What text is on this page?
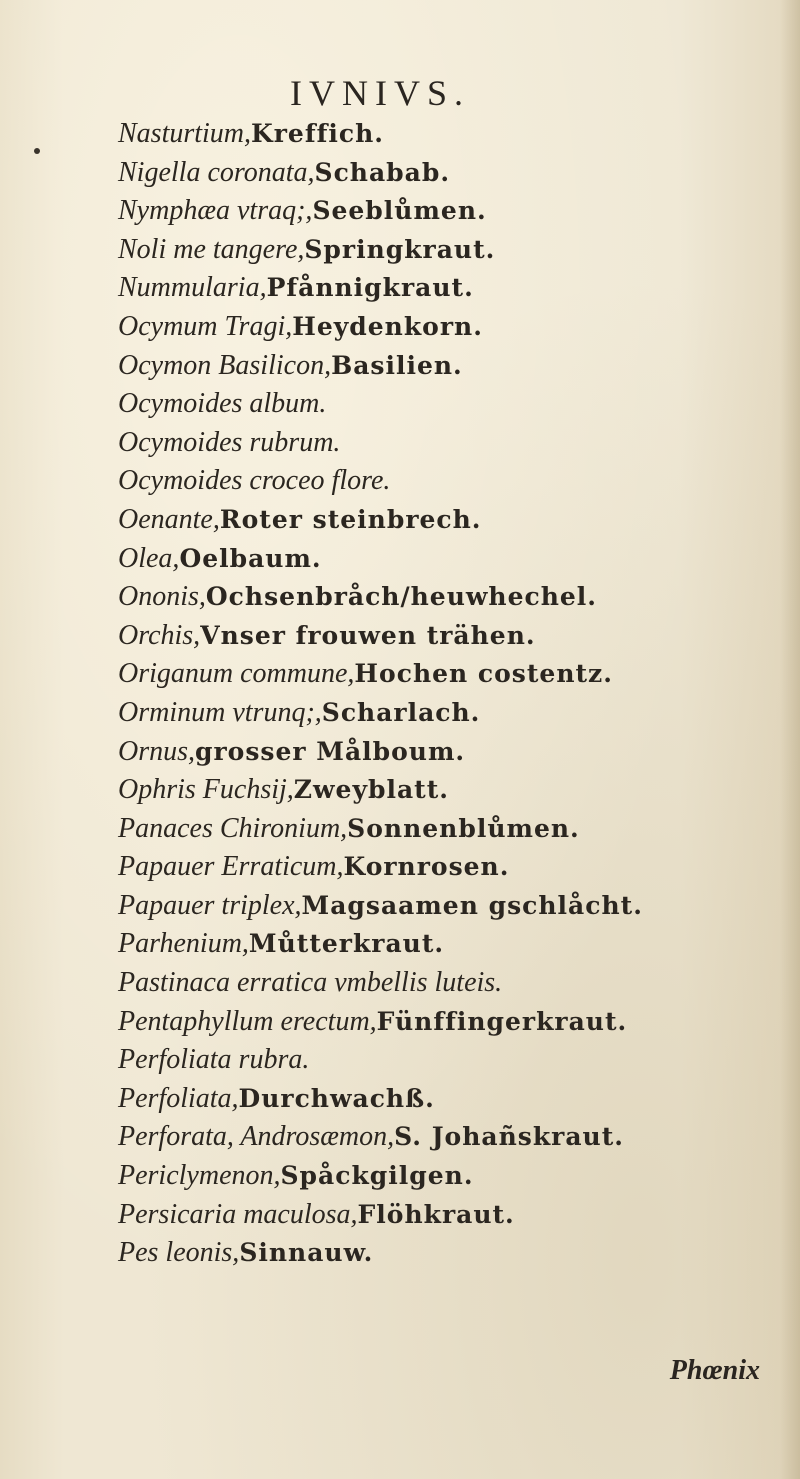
IVNIVS.
Nasturtium, Kreffich.
Nigella coronata, Schabab.
Nymphæa vtraq;, Seeblůmen.
Noli me tangere, Springkraut.
Nummularia, Pfånnigkraut.
Ocymum Tragi, Heydenkorn.
Ocymon Basilicon, Basilien.
Ocymoides album.
Ocymoides rubrum.
Ocymoides croceo flore.
Oenante, Roter steinbrech.
Olea, Oelbaum.
Ononis, Ochsenbråch/heuwhechel.
Orchis, Vnser frouwen trähen.
Origanum commune, Hochen costentz.
Orminum vtrunq;, Scharlach.
Ornus, grosser Målboum.
Ophris Fuchsij, Zweyblatt.
Panaces Chironium, Sonnenblůmen.
Papauer Erraticum, Kornrosen.
Papauer triplex, Magsaamen gschlåcht.
Parhenium, Můtterkraut.
Pastinaca erratica vmbellis luteis.
Pentaphyllum erectum, Fünffingerkraut.
Perfoliata rubra.
Perfoliata, Durchwachß.
Perforata, Androsæmon, S. Johañskraut.
Periclymenon, Spåckgilgen.
Persicaria maculosa, Flöhkraut.
Pes leonis, Sinnauw.
Phœnix
